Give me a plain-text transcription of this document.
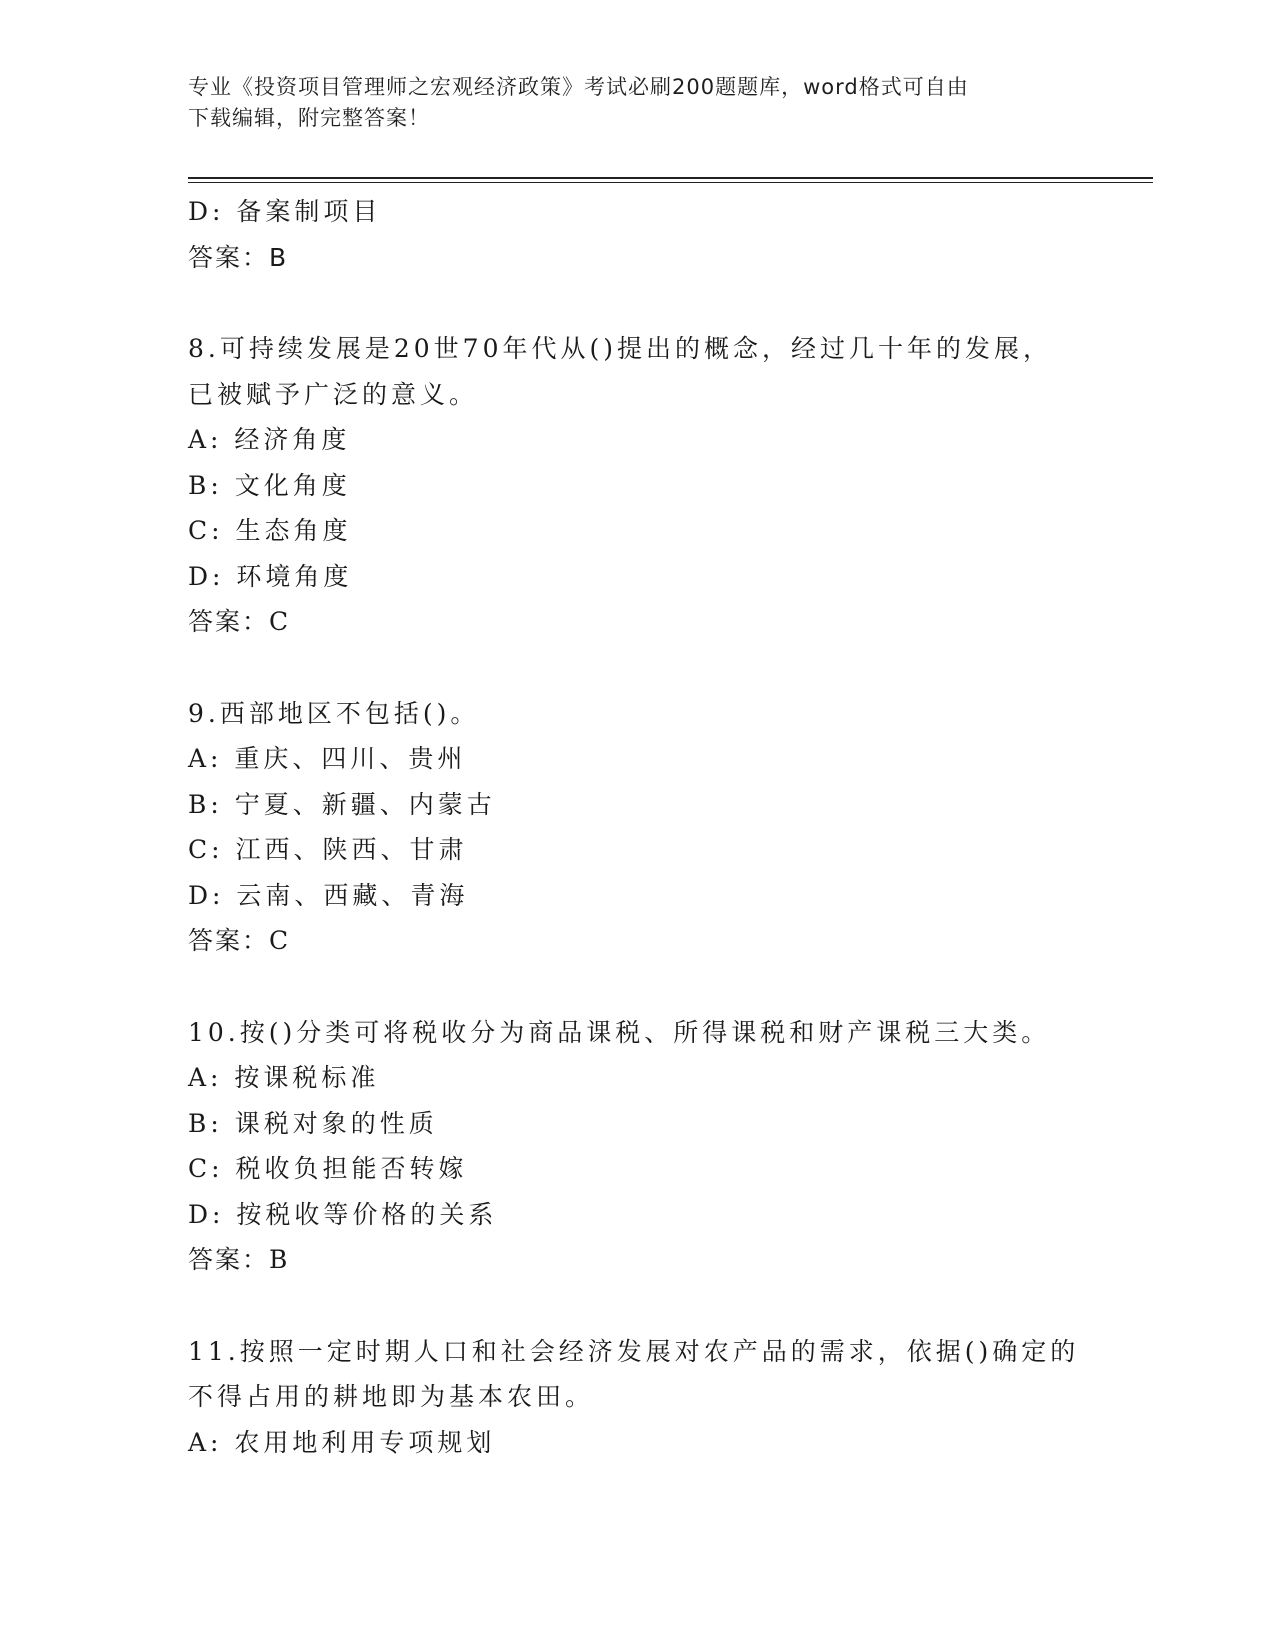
专业《投资项目管理师之宏观经济政策》考试必刷200题题库，word格式可自由
下载编辑，附完整答案！
D: 备案制项目
答案：B
8.可持续发展是20世70年代从()提出的概念，经过几十年的发展，
已被赋予广泛的意义。
A: 经济角度
B: 文化角度
C: 生态角度
D: 环境角度
答案：C
9.西部地区不包括()。
A: 重庆、四川、贵州
B: 宁夏、新疆、内蒙古
C: 江西、陕西、甘肃
D: 云南、西藏、青海
答案：C
10.按()分类可将税收分为商品课税、所得课税和财产课税三大类。
A: 按课税标准
B: 课税对象的性质
C: 税收负担能否转嫁
D: 按税收等价格的关系
答案：B
11.按照一定时期人口和社会经济发展对农产品的需求，依据()确定的
不得占用的耕地即为基本农田。
A: 农用地利用专项规划
